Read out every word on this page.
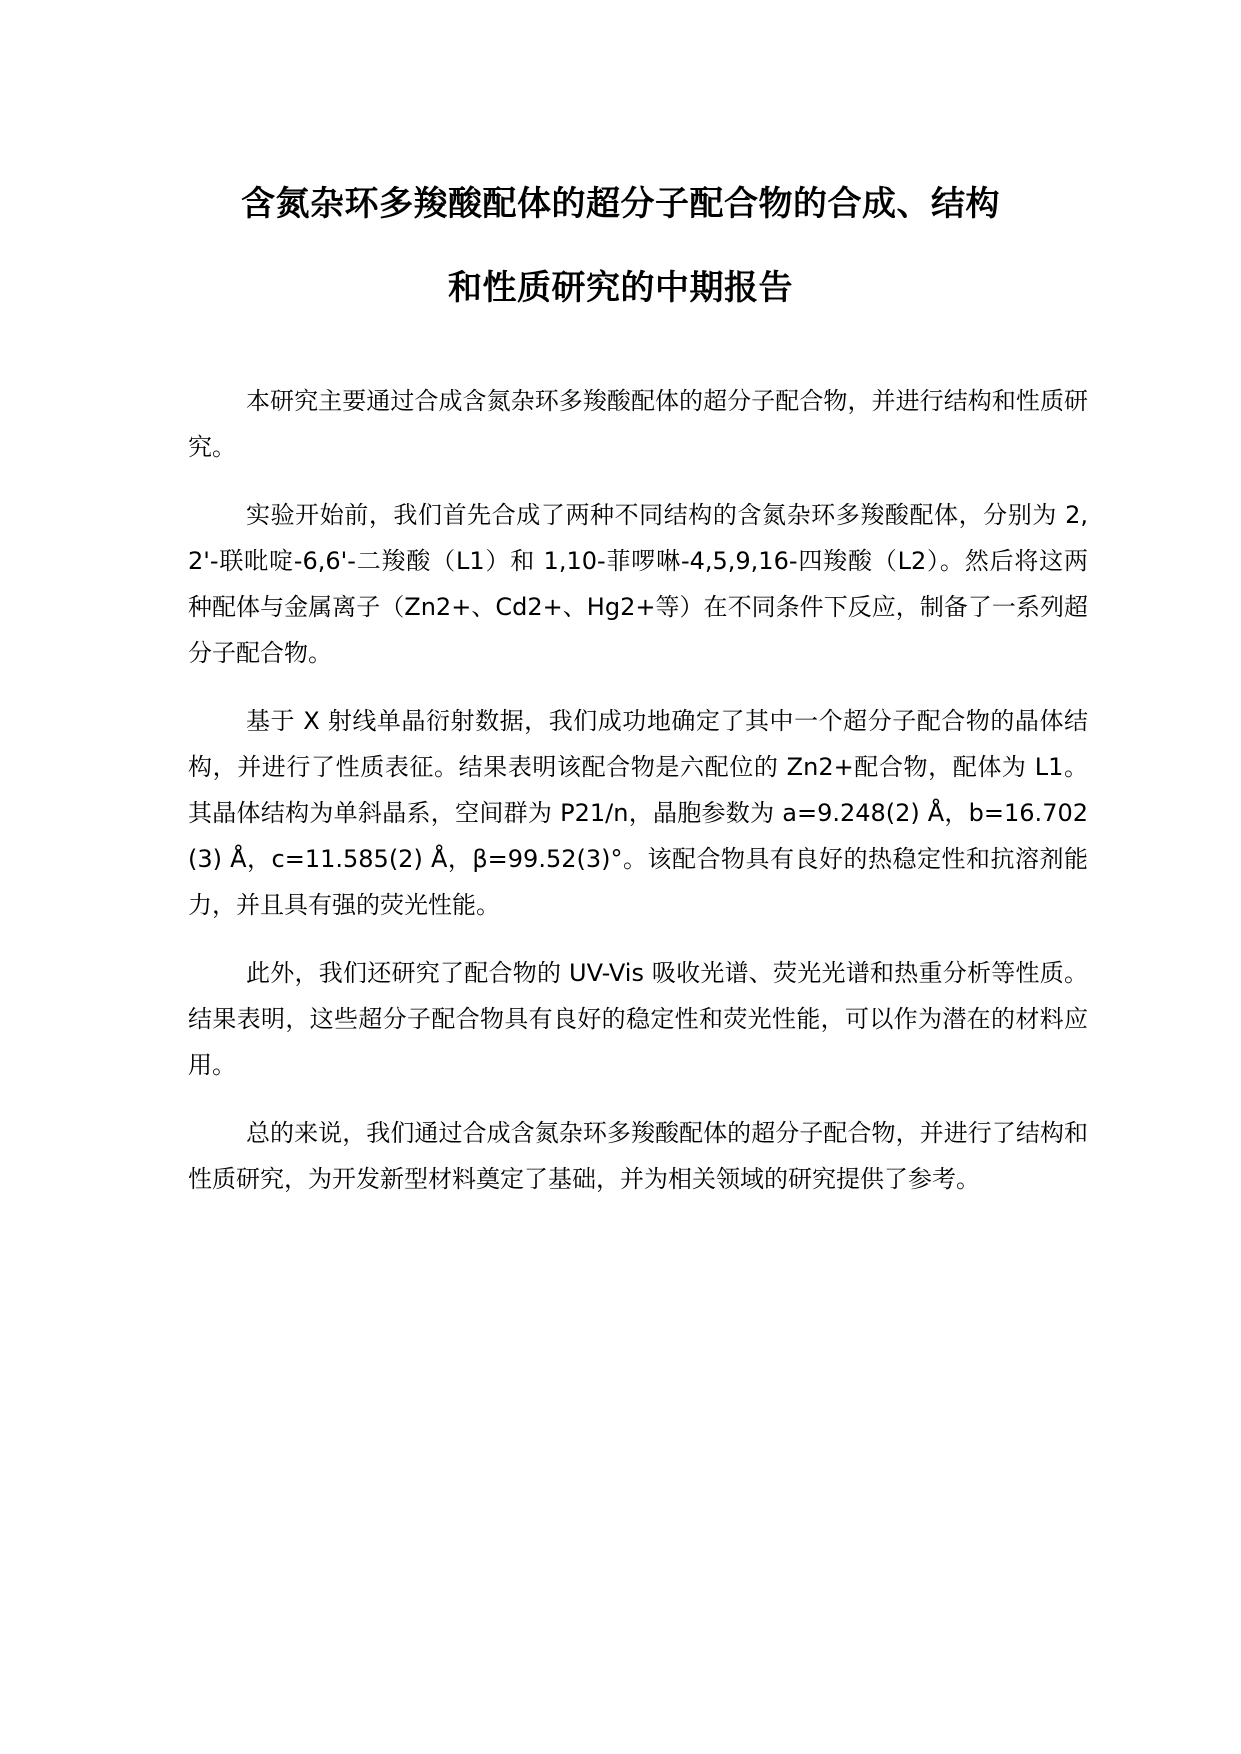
含氮杂环多羧酸配体的超分子配合物的合成、结构
和性质研究的中期报告

本研究主要通过合成含氮杂环多羧酸配体的超分子配合物，并进行结构和性质研究。

实验开始前，我们首先合成了两种不同结构的含氮杂环多羧酸配体，分别为 2,2'-联吡啶-6,6'-二羧酸（L1）和 1,10-菲啰啉-4,5,9,16-四羧酸（L2）。然后将这两种配体与金属离子（Zn2+、Cd2+、Hg2+等）在不同条件下反应，制备了一系列超分子配合物。

基于 X 射线单晶衍射数据，我们成功地确定了其中一个超分子配合物的晶体结构，并进行了性质表征。结果表明该配合物是六配位的 Zn2+配合物，配体为 L1。其晶体结构为单斜晶系，空间群为 P21/n，晶胞参数为 a=9.248(2) Å，b=16.702(3) Å，c=11.585(2) Å，β=99.52(3)°。该配合物具有良好的热稳定性和抗溶剂能力，并且具有强的荧光性能。

此外，我们还研究了配合物的 UV-Vis 吸收光谱、荧光光谱和热重分析等性质。结果表明，这些超分子配合物具有良好的稳定性和荧光性能，可以作为潜在的材料应用。

总的来说，我们通过合成含氮杂环多羧酸配体的超分子配合物，并进行了结构和性质研究，为开发新型材料奠定了基础，并为相关领域的研究提供了参考。
